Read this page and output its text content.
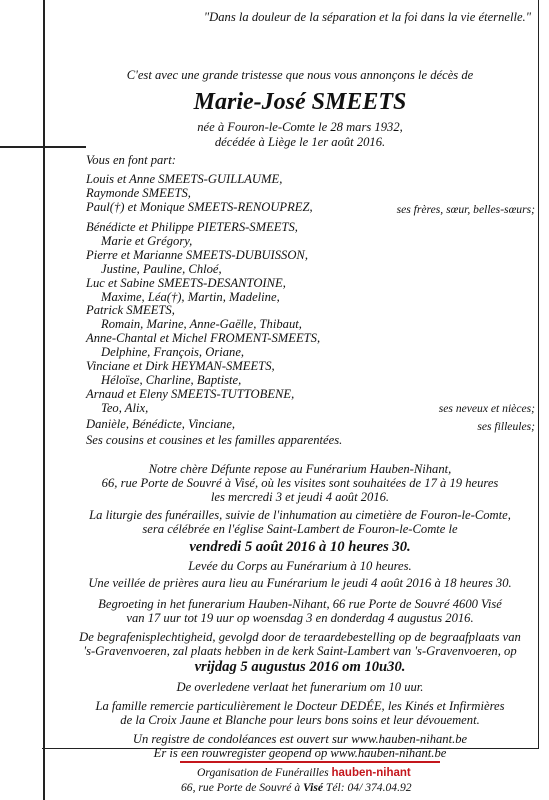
"Dans la douleur de la séparation et la foi dans la vie éternelle."
C'est avec une grande tristesse que nous vous annonçons le décès de
Marie-José SMEETS
née à Fouron-le-Comte le 28 mars 1932,
décédée à Liège le 1er août 2016.
Vous en font part:
Louis et Anne SMEETS-GUILLAUME,
Raymonde SMEETS,
Paul(†) et Monique SMEETS-RENOUPREZ,	ses frères, sœur, belles-sœurs;
Bénédicte et Philippe PIETERS-SMEETS,
Marie et Grégory,
Pierre et Marianne SMEETS-DUBUISSON,
Justine, Pauline, Chloé,
Luc et Sabine SMEETS-DESANTOINE,
Maxime, Léa(†), Martin, Madeline,
Patrick SMEETS,
Romain, Marine, Anne-Gaëlle, Thibaut,
Anne-Chantal et Michel FROMENT-SMEETS,
Delphine, François, Oriane,
Vinciane et Dirk HEYMAN-SMEETS,
Héloïse, Charline, Baptiste,
Arnaud et Eleny SMEETS-TUTTOBENE,
Teo, Alix,	ses neveux et nièces;
Danièle, Bénédicte, Vinciane,	ses filleules;
Ses cousins et cousines et les familles apparentées.
Notre chère Défunte repose au Funérarium Hauben-Nihant,
66, rue Porte de Souvré à Visé, où les visites sont souhaitées de 17 à 19 heures
les mercredi 3 et jeudi 4 août 2016.
La liturgie des funérailles, suivie de l'inhumation au cimetière de Fouron-le-Comte,
sera célébrée en l'église Saint-Lambert de Fouron-le-Comte le
vendredi 5 août 2016 à 10 heures 30.
Levée du Corps au Funérarium à 10 heures.
Une veillée de prières aura lieu au Funérarium le jeudi 4 août 2016 à 18 heures 30.
Begroeting in het funerarium Hauben-Nihant, 66 rue Porte de Souvré 4600 Visé
van 17 uur tot 19 uur op woensdag 3 en donderdag 4 augustus 2016.
De begrafenisplechtigheid, gevolgd door de teraardebestelling op de begraafplaats van
's-Gravenvoeren, zal plaats hebben in de kerk Saint-Lambert van 's-Gravenvoeren, op
vrijdag 5 augustus 2016 om 10u30.
De overledene verlaat het funerarium om 10 uur.
La famille remercie particulièrement le Docteur DEDÉE, les Kinés et Infirmières
de la Croix Jaune et Blanche pour leurs bons soins et leur dévouement.
Un registre de condoléances est ouvert sur www.hauben-nihant.be
Er is een rouwregister geopend op www.hauben-nihant.be
Organisation de Funérailles hauben-nihant
66, rue Porte de Souvré à Visé Tél: 04/ 374.04.92
